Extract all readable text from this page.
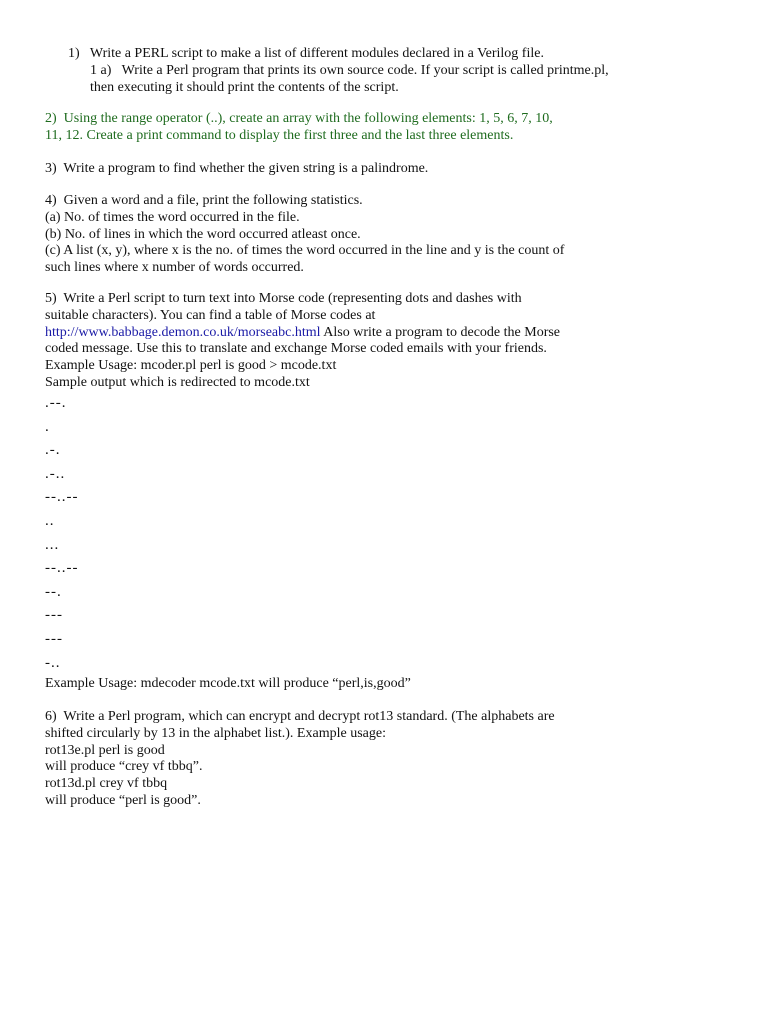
1)   Write a PERL script to make a list of different modules declared in a Verilog file.
1 a)   Write a Perl program that prints its own source code. If your script is called printme.pl,
then executing it should print the contents of the script.
2)  Using the range operator (..), create an array with the following elements: 1, 5, 6, 7, 10,
11, 12. Create a print command to display the first three and the last three elements.
3)  Write a program to find whether the given string is a palindrome.
4)  Given a word and a file, print the following statistics.
(a) No. of times the word occurred in the file.
(b) No. of lines in which the word occurred atleast once.
(c) A list (x, y), where x is the no. of times the word occurred in the line and y is the count of
such lines where x number of words occurred.
5)  Write a Perl script to turn text into Morse code (representing dots and dashes with
suitable characters). You can find a table of Morse codes at
http://www.babbage.demon.co.uk/morseabc.html Also write a program to decode the Morse
coded message. Use this to translate and exchange Morse coded emails with your friends.
Example Usage: mcoder.pl perl is good > mcode.txt
Sample output which is redirected to mcode.txt
.--.
.
.-.
.-..
--..--
..
...
--..--
--.
---
---
-..
Example Usage: mdecoder mcode.txt will produce “perl,is,good”
6)  Write a Perl program, which can encrypt and decrypt rot13 standard. (The alphabets are
shifted circularly by 13 in the alphabet list.). Example usage:
rot13e.pl perl is good
will produce “crey vf tbbq”.
rot13d.pl crey vf tbbq
will produce “perl is good”.
